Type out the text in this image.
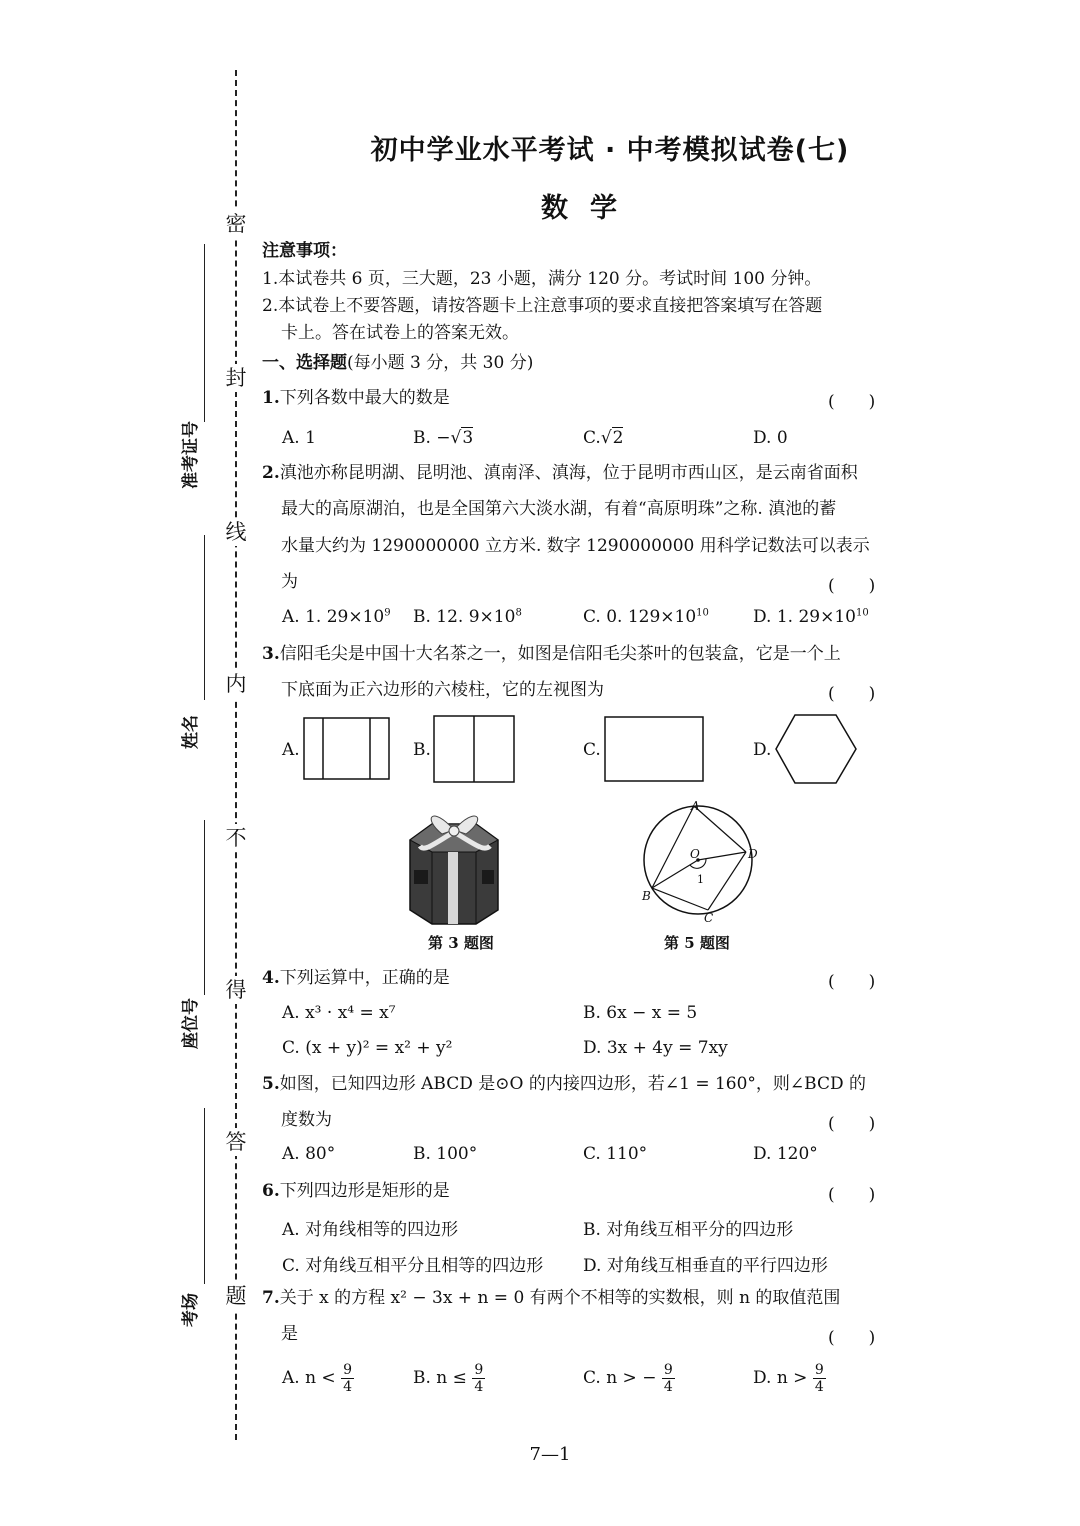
密
封
线
内
不
得
答
题
准考证号
姓名
座位号
考场
初中学业水平考试 · 中考模拟试卷(七)
数学
注意事项：
1.本试卷共 6 页，三大题，23 小题，满分 120 分。考试时间 100 分钟。
2.本试卷上不要答题，请按答题卡上注意事项的要求直接把答案填写在答题
卡上。答在试卷上的答案无效。
一、选择题(每小题 3 分，共 30 分)
1.下列各数中最大的数是	(　　)
A. 1	B. −√3	C.√2	D. 0
2.滇池亦称昆明湖、昆明池、滇南泽、滇海，位于昆明市西山区，是云南省面积
最大的高原湖泊，也是全国第六大淡水湖，有着“高原明珠”之称. 滇池的蓄
水量大约为 1290000000 立方米. 数字 1290000000 用科学记数法可以表示
为	(　　)
A. 1. $29\times 10^9$ B. 12. $9\times 10^8$	C. 0. $129\times 10^{10}$	D. 1. $29\times 10^{10}$
3.信阳毛尖是中国十大名茶之一，如图是信阳毛尖茶叶的包装盒，它是一个上
下底面为正六边形的六棱柱，它的左视图为	(　　)
A.	B.	C.	D.
第 3 题图
A
D
B
C
O
1
第 5 题图
4.下列运算中，正确的是	(　　)
A. x³ · x⁴ = x⁷	B. 6x − x = 5
C. (x + y)² = x² + y²	D. 3x + 4y = 7xy
5.如图，已知四边形 ABCD 是⊙O 的内接四边形，若∠1 = 160°，则∠BCD 的
度数为	(　　)
A. 80°	B. 100°	C. 110°	D. 120°
6.下列四边形是矩形的是	(　　)
A. 对角线相等的四边形	B. 对角线互相平分的四边形
C. 对角线互相平分且相等的四边形 D. 对角线互相垂直的平行四边形
7.关于 x 的方程 x² − 3x + n = 0 有两个不相等的实数根，则 n 的取值范围
是	(　　)
A. $n < \frac{9}{4}$	B. $n \le \frac{9}{4}$	C. n > − $\frac{9}{4}$	D. $n > \frac{9}{4}$
7—1
